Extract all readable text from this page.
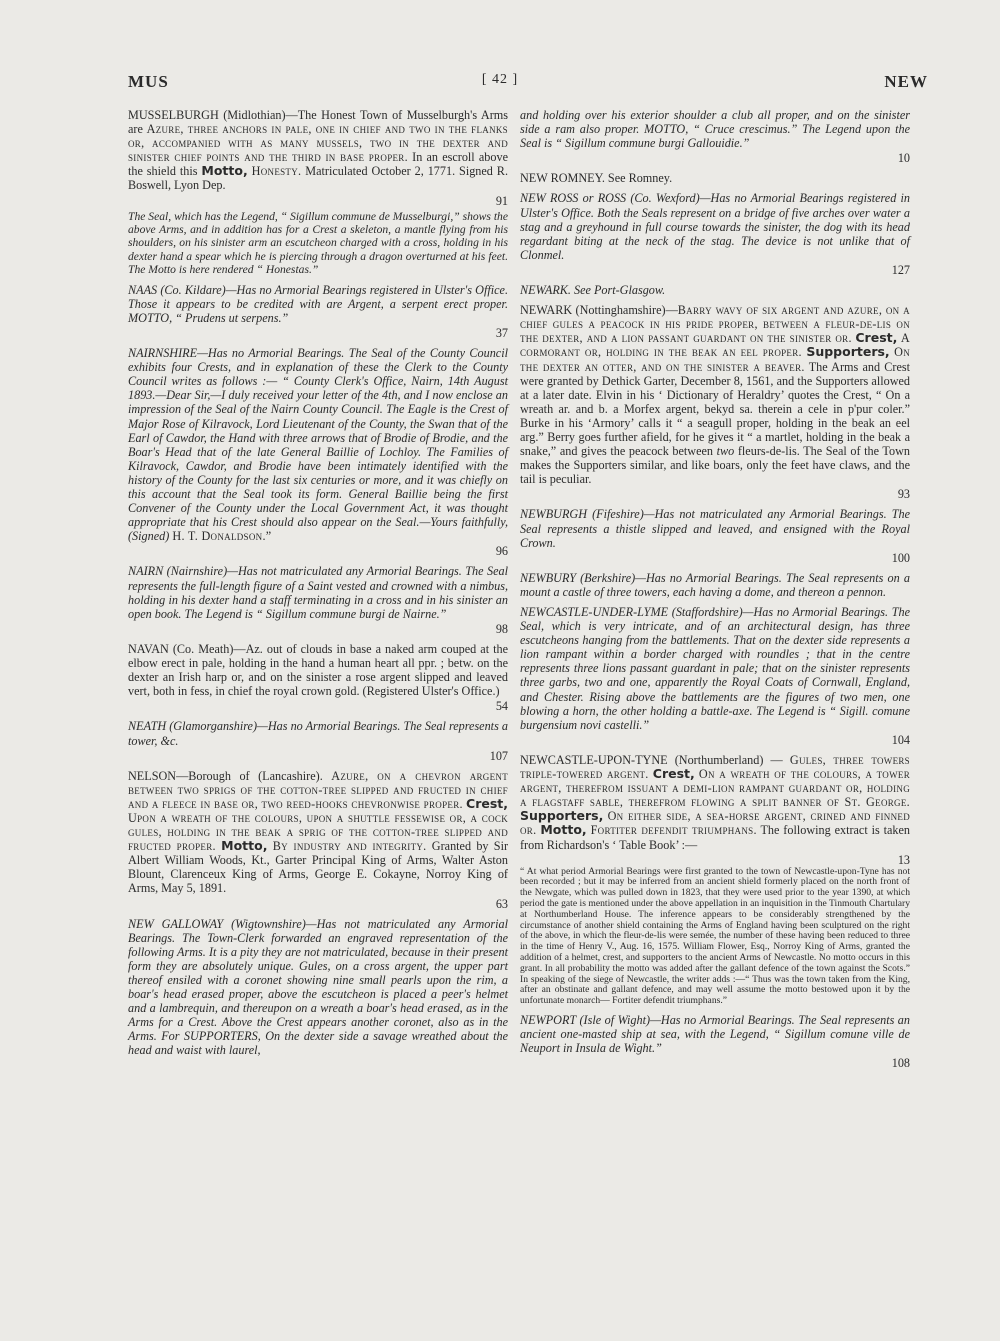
MUS	[ 42 ]	NEW

MUSSELBURGH (Midlothian)—The Honest Town of Musselburgh's Arms are Azure, three anchors in pale, one in chief and two in the flanks or, accompanied with as many mussels, two in the dexter and sinister chief points and the third in base proper. In an escroll above the shield this Motto, Honesty. Matriculated October 2, 1771. Signed R. Boswell, Lyon Dep.

91

The Seal, which has the Legend, “ Sigillum commune de Musselburgi,” shows the above Arms, and in addition has for a Crest a skeleton, a mantle flying from his shoulders, on his sinister arm an escutcheon charged with a cross, holding in his dexter hand a spear which he is piercing through a dragon overturned at his feet. The Motto is here rendered “ Honestas.”

NAAS (Co. Kildare)—Has no Armorial Bearings registered in Ulster's Office. Those it appears to be credited with are Argent, a serpent erect proper. MOTTO, “ Prudens ut serpens.”

37

NAIRNSHIRE—Has no Armorial Bearings. The Seal of the County Council exhibits four Crests, and in explanation of these the Clerk to the County Council writes as follows :— “ County Clerk's Office, Nairn, 14th August 1893.—Dear Sir,—I duly received your letter of the 4th, and I now enclose an impression of the Seal of the Nairn County Council. The Eagle is the Crest of Major Rose of Kilravock, Lord Lieutenant of the County, the Swan that of the Earl of Cawdor, the Hand with three arrows that of Brodie of Brodie, and the Boar's Head that of the late General Baillie of Lochloy. The Families of Kilravock, Cawdor, and Brodie have been intimately identified with the history of the County for the last six centuries or more, and it was chiefly on this account that the Seal took its form. General Baillie being the first Convener of the County under the Local Government Act, it was thought appropriate that his Crest should also appear on the Seal.—Yours faithfully, (Signed) H. T. Donaldson.”

96

NAIRN (Nairnshire)—Has not matriculated any Armorial Bearings. The Seal represents the full-length figure of a Saint vested and crowned with a nimbus, holding in his dexter hand a staff terminating in a cross and in his sinister an open book. The Legend is “ Sigillum commune burgi de Nairne.”

98

NAVAN (Co. Meath)—Az. out of clouds in base a naked arm couped at the elbow erect in pale, holding in the hand a human heart all ppr. ; betw. on the dexter an Irish harp or, and on the sinister a rose argent slipped and leaved vert, both in fess, in chief the royal crown gold. (Registered Ulster's Office.)

54

NEATH (Glamorganshire)—Has no Armorial Bearings. The Seal represents a tower, &c.

107

NELSON—Borough of (Lancashire). Azure, on a chevron argent between two sprigs of the cotton-tree slipped and fructed in chief and a fleece in base or, two reed-hooks chevronwise proper. Crest, Upon a wreath of the colours, upon a shuttle fessewise or, a cock gules, holding in the beak a sprig of the cotton-tree slipped and fructed proper. Motto, By industry and integrity. Granted by Sir Albert William Woods, Kt., Garter Principal King of Arms, Walter Aston Blount, Clarenceux King of Arms, George E. Cokayne, Norroy King of Arms, May 5, 1891.

63

NEW GALLOWAY (Wigtownshire)—Has not matriculated any Armorial Bearings. The Town-Clerk forwarded an engraved representation of the following Arms. It is a pity they are not matriculated, because in their present form they are absolutely unique. Gules, on a cross argent, the upper part thereof ensiled with a coronet showing nine small pearls upon the rim, a boar's head erased proper, above the escutcheon is placed a peer's helmet and a lambrequin, and thereupon on a wreath a boar's head erased, as in the Arms for a Crest. Above the Crest appears another coronet, also as in the Arms. For SUPPORTERS, On the dexter side a savage wreathed about the head and waist with laurel,

and holding over his exterior shoulder a club all proper, and on the sinister side a ram also proper. MOTTO, “ Cruce crescimus.” The Legend upon the Seal is “ Sigillum commune burgi Gallouidie.”

10

NEW ROMNEY. See Romney.

NEW ROSS or ROSS (Co. Wexford)—Has no Armorial Bearings registered in Ulster's Office. Both the Seals represent on a bridge of five arches over water a stag and a greyhound in full course towards the sinister, the dog with its head regardant biting at the neck of the stag. The device is not unlike that of Clonmel.

127

NEWARK. See Port-Glasgow.

NEWARK (Nottinghamshire)—Barry wavy of six argent and azure, on a chief gules a peacock in his pride proper, between a fleur-de-lis on the dexter, and a lion passant guardant on the sinister or. Crest, A cormorant or, holding in the beak an eel proper. Supporters, On the dexter an otter, and on the sinister a beaver. The Arms and Crest were granted by Dethick Garter, December 8, 1561, and the Supporters allowed at a later date. Elvin in his ‘ Dictionary of Heraldry’ quotes the Crest, “ On a wreath ar. and b. a Morfex argent, bekyd sa. therein a cele in p'pur coler.” Burke in his ‘Armory’ calls it “ a seagull proper, holding in the beak an eel arg.” Berry goes further afield, for he gives it “ a martlet, holding in the beak a snake,” and gives the peacock between two fleurs-de-lis. The Seal of the Town makes the Supporters similar, and like boars, only the feet have claws, and the tail is peculiar.

93

NEWBURGH (Fifeshire)—Has not matriculated any Armorial Bearings. The Seal represents a thistle slipped and leaved, and ensigned with the Royal Crown.

100

NEWBURY (Berkshire)—Has no Armorial Bearings. The Seal represents on a mount a castle of three towers, each having a dome, and thereon a pennon.

NEWCASTLE-UNDER-LYME (Staffordshire)—Has no Armorial Bearings. The Seal, which is very intricate, and of an architectural design, has three escutcheons hanging from the battlements. That on the dexter side represents a lion rampant within a border charged with roundles ; that in the centre represents three lions passant guardant in pale; that on the sinister represents three garbs, two and one, apparently the Royal Coats of Cornwall, England, and Chester. Rising above the battlements are the figures of two men, one blowing a horn, the other holding a battle-axe. The Legend is “ Sigill. comune burgensium novi castelli.”

104

NEWCASTLE-UPON-TYNE (Northumberland) — Gules, three towers triple-towered argent. Crest, On a wreath of the colours, a tower argent, therefrom issuant a demi-lion rampant guardant or, holding a flagstaff sable, therefrom flowing a split banner of St. George. Supporters, On either side, a sea-horse argent, crined and finned or. Motto, Fortiter defendit triumphans. The following extract is taken from Richardson's ‘ Table Book’ :—

13

“ At what period Armorial Bearings were first granted to the town of Newcastle-upon-Tyne has not been recorded ; but it may be inferred from an ancient shield formerly placed on the north front of the Newgate, which was pulled down in 1823, that they were used prior to the year 1390, at which period the gate is mentioned under the above appellation in an inquisition in the Tinmouth Chartulary at Northumberland House. The inference appears to be considerably strengthened by the circumstance of another shield containing the Arms of England having been sculptured on the right of the above, in which the fleur-de-lis were semée, the number of these having been reduced to three in the time of Henry V., Aug. 16, 1575. William Flower, Esq., Norroy King of Arms, granted the addition of a helmet, crest, and supporters to the ancient Arms of Newcastle. No motto occurs in this grant. In all probability the motto was added after the gallant defence of the town against the Scots.” In speaking of the siege of Newcastle, the writer adds :—“ Thus was the town taken from the King, after an obstinate and gallant defence, and may well assume the motto bestowed upon it by the unfortunate monarch— Fortiter defendit triumphans.”

NEWPORT (Isle of Wight)—Has no Armorial Bearings. The Seal represents an ancient one-masted ship at sea, with the Legend, “ Sigillum comune ville de Neuport in Insula de Wight.”

108
